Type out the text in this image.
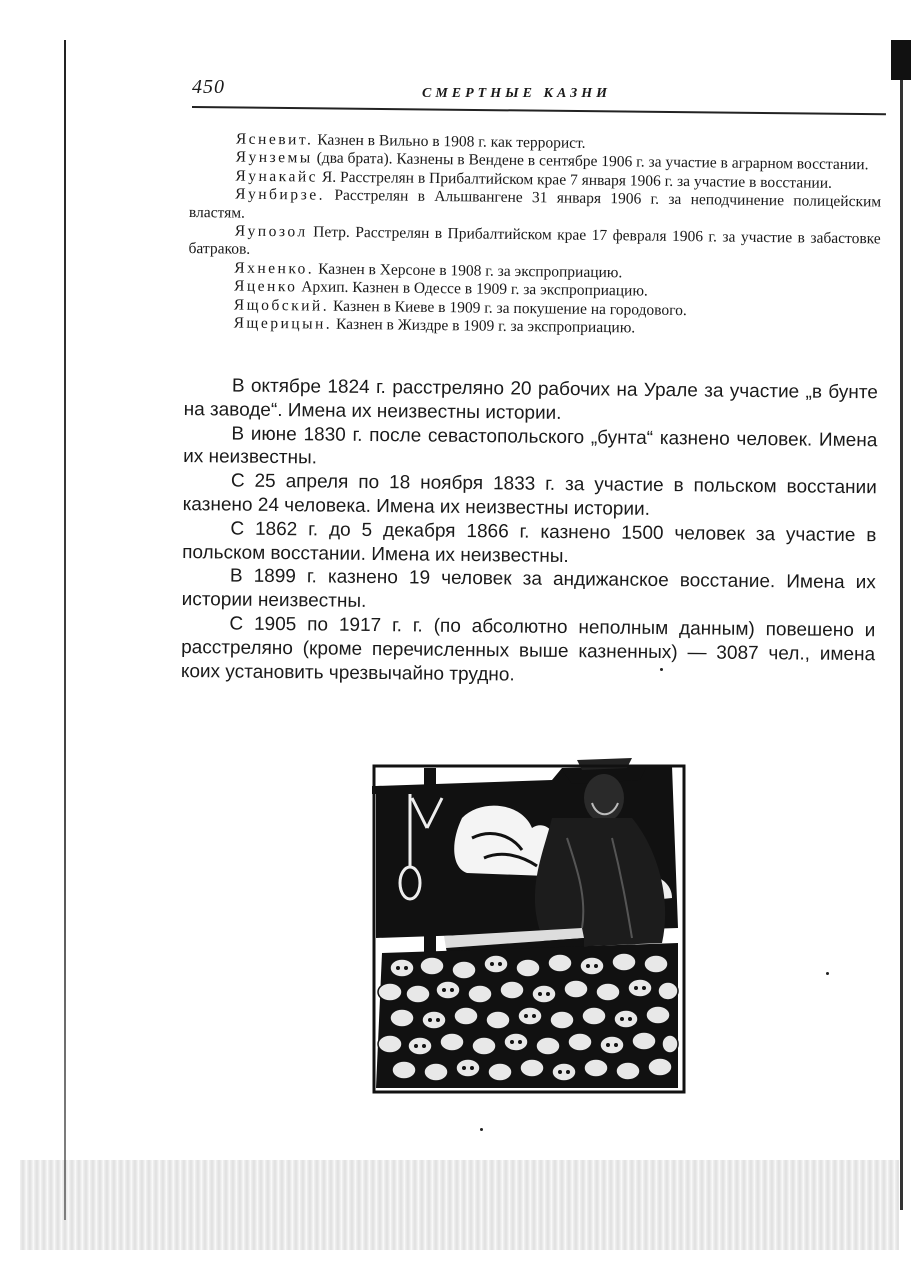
450	СМЕРТНЫЕ КАЗНИ

Ясневит. Казнен в Вильно в 1908 г. как террорист.

Яунземы (два брата). Казнены в Вендене в сентябре 1906 г. за участие в аграрном восстании.

Яунакайс Я. Расстрелян в Прибалтийском крае 7 января 1906 г. за участие в восстании.

Яунбирзе. Расстрелян в Альшвангене 31 января 1906 г. за неподчинение полицейским властям.

Яупозол Петр. Расстрелян в Прибалтийском крае 17 февраля 1906 г. за участие в забастовке батраков.

Яхненко. Казнен в Херсоне в 1908 г. за экспроприацию.

Яценко Архип. Казнен в Одессе в 1909 г. за экспроприацию.

Ящобский. Казнен в Киеве в 1909 г. за покушение на городового.

Ящерицын. Казнен в Жиздре в 1909 г. за экспроприацию.

В октябре 1824 г. расстреляно 20 рабочих на Урале за участие „в бунте на заводе“. Имена их неизвестны истории.

В июне 1830 г. после севастопольского „бунта“ казнено человек. Имена их неизвестны.

С 25 апреля по 18 ноября 1833 г. за участие в польском восстании казнено 24 человека. Имена их неизвестны истории.

С 1862 г. до 5 декабря 1866 г. казнено 1500 человек за участие в польском восстании. Имена их неизвестны.

В 1899 г. казнено 19 человек за андижанское восстание. Имена их истории неизвестны.

С 1905 по 1917 г. г. (по абсолютно неполным данным) повешено и расстреляно (кроме перечисленных выше казненных) — 3087 чел., имена коих установить чрезвычайно трудно.
